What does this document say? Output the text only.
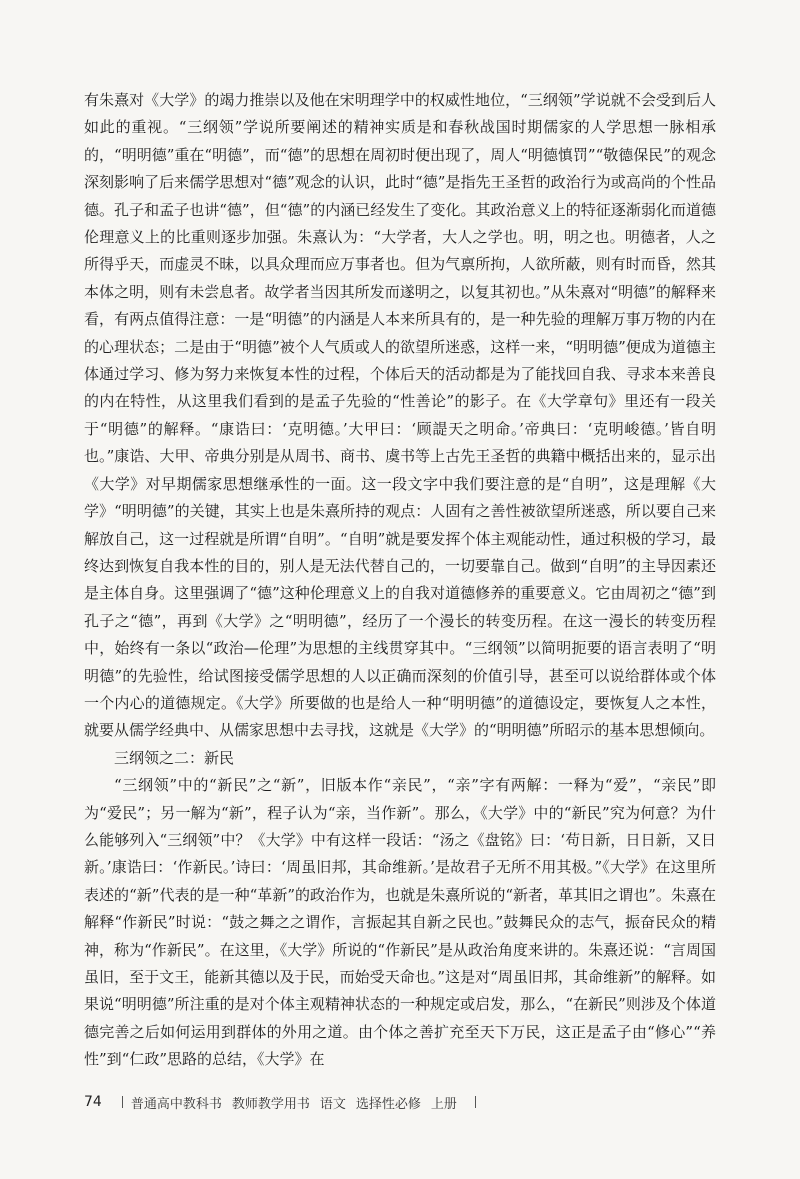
有朱熹对《大学》的竭力推崇以及他在宋明理学中的权威性地位，“三纲领”学说就不会受到后人如此的重视。“三纲领”学说所要阐述的精神实质是和春秋战国时期儒家的人学思想一脉相承的，“明明德”重在“明德”，而“德”的思想在周初时便出现了，周人“明德慎罚”“敬德保民”的观念深刻影响了后来儒学思想对“德”观念的认识，此时“德”是指先王圣哲的政治行为或高尚的个性品德。孔子和孟子也讲“德”，但“德”的内涵已经发生了变化。其政治意义上的特征逐渐弱化而道德伦理意义上的比重则逐步加强。朱熹认为：“大学者，大人之学也。明，明之也。明德者，人之所得乎天，而虚灵不昧，以具众理而应万事者也。但为气禀所拘，人欲所蔽，则有时而昏，然其本体之明，则有未尝息者。故学者当因其所发而遂明之，以复其初也。”从朱熹对“明德”的解释来看，有两点值得注意：一是“明德”的内涵是人本来所具有的，是一种先验的理解万事万物的内在的心理状态；二是由于“明德”被个人气质或人的欲望所迷惑，这样一来，“明明德”便成为道德主体通过学习、修为努力来恢复本性的过程，个体后天的活动都是为了能找回自我、寻求本来善良的内在特性，从这里我们看到的是孟子先验的“性善论”的影子。在《大学章句》里还有一段关于“明德”的解释。“康诰曰：‘克明德。’大甲曰：‘顾諟天之明命。’帝典曰：‘克明峻德。’皆自明也。”康诰、大甲、帝典分别是从周书、商书、虞书等上古先王圣哲的典籍中概括出来的，显示出《大学》对早期儒家思想继承性的一面。这一段文字中我们要注意的是“自明”，这是理解《大学》“明明德”的关键，其实上也是朱熹所持的观点：人固有之善性被欲望所迷惑，所以要自己来解放自己，这一过程就是所谓“自明”。“自明”就是要发挥个体主观能动性，通过积极的学习，最终达到恢复自我本性的目的，别人是无法代替自己的，一切要靠自己。做到“自明”的主导因素还是主体自身。这里强调了“德”这种伦理意义上的自我对道德修养的重要意义。它由周初之“德”到孔子之“德”，再到《大学》之“明明德”，经历了一个漫长的转变历程。在这一漫长的转变历程中，始终有一条以“政治—伦理”为思想的主线贯穿其中。“三纲领”以简明扼要的语言表明了“明明德”的先验性，给试图接受儒学思想的人以正确而深刻的价值引导，甚至可以说给群体或个体一个内心的道德规定。《大学》所要做的也是给人一种“明明德”的道德设定，要恢复人之本性，就要从儒学经典中、从儒家思想中去寻找，这就是《大学》的“明明德”所昭示的基本思想倾向。

三纲领之二：新民

“三纲领”中的“新民”之“新”，旧版本作“亲民”，“亲”字有两解：一释为“爱”，“亲民”即为“爱民”；另一解为“新”，程子认为“亲，当作新”。那么，《大学》中的“新民”究为何意？为什么能够列入“三纲领”中？《大学》中有这样一段话：“汤之《盘铭》曰：‘苟日新，日日新，又日新。’康诰曰：‘作新民。’诗曰：‘周虽旧邦，其命维新。’是故君子无所不用其极。”《大学》在这里所表述的“新”代表的是一种“革新”的政治作为，也就是朱熹所说的“新者，革其旧之谓也”。朱熹在解释“作新民”时说：“鼓之舞之之谓作，言振起其自新之民也。”鼓舞民众的志气，振奋民众的精神，称为“作新民”。在这里，《大学》所说的“作新民”是从政治角度来讲的。朱熹还说：“言周国虽旧，至于文王，能新其德以及于民，而始受天命也。”这是对“周虽旧邦，其命维新”的解释。如果说“明明德”所注重的是对个体主观精神状态的一种规定或启发，那么，“在新民”则涉及个体道德完善之后如何运用到群体的外用之道。由个体之善扩充至天下万民，这正是孟子由“修心”“养性”到“仁政”思路的总结，《大学》在

74 普通高中教科书 教师教学用书 语文 选择性必修 上册
